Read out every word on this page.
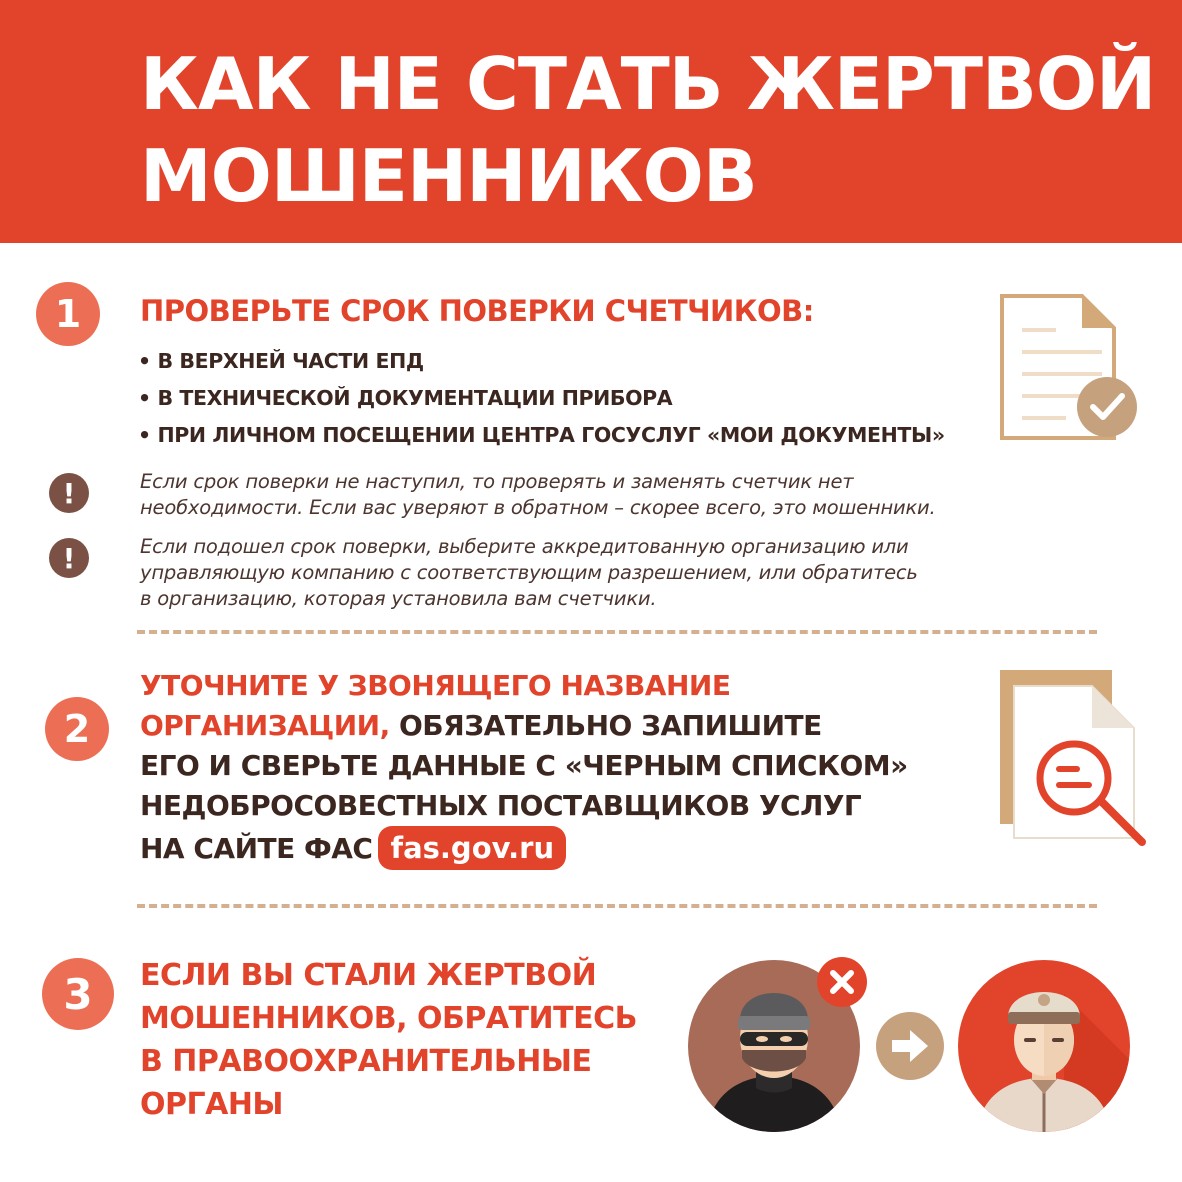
КАК НЕ СТАТЬ ЖЕРТВОЙ
МОШЕННИКОВ
1	ПРОВЕРЬТЕ СРОК ПОВЕРКИ СЧЕТЧИКОВ:
• В ВЕРХНЕЙ ЧАСТИ ЕПД
• В ТЕХНИЧЕСКОЙ ДОКУМЕНТАЦИИ ПРИБОРА
• ПРИ ЛИЧНОМ ПОСЕЩЕНИИ ЦЕНТРА ГОСУСЛУГ «МОИ ДОКУМЕНТЫ»
!	Если срок поверки не наступил, то проверять и заменять счетчик нет
необходимости. Если вас уверяют в обратном – скорее всего, это мошенники.

!	Если подошел срок поверки, выберите аккредитованную организацию или
управляющую компанию с соответствующим разрешением, или обратитесь
в организацию, которая установила вам счетчики.

2

УТОЧНИТЕ У ЗВОНЯЩЕГО НАЗВАНИЕ
ОРГАНИЗАЦИИ, ОБЯЗАТЕЛЬНО ЗАПИШИТЕ
ЕГО И СВЕРЬТЕ ДАННЫЕ С «ЧЕРНЫМ СПИСКОМ»
НЕДОБРОСОВЕСТНЫХ ПОСТАВЩИКОВ УСЛУГ
НА САЙТЕ ФАС fas.gov.ru

3	ЕСЛИ ВЫ СТАЛИ ЖЕРТВОЙ
МОШЕННИКОВ, ОБРАТИТЕСЬ
В ПРАВООХРАНИТЕЛЬНЫЕ
ОРГАНЫ
